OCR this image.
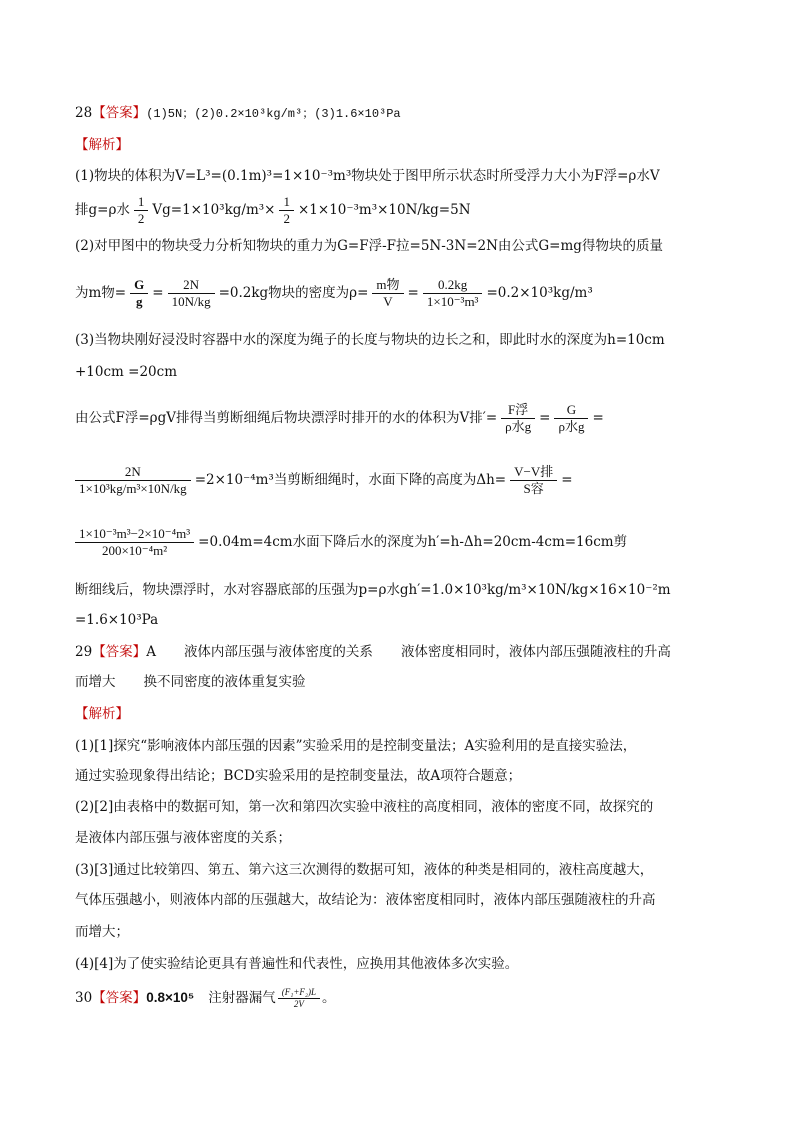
28【答案】(1)5N；(2)0.2×10³kg/m³；(3)1.6×10³Pa
【解析】
(1)物块的体积为V=L³=(0.1m)³=1×10⁻³m³物块处于图甲所示状态时所受浮力大小为F浮=ρ水V
排g=ρ水 $\frac{1}{2} Vg=1\times 10^3kg/m^3\times \frac{1}{2} \times 1\times 10^{-3}m^3\times 10N/kg=5N$
(2)对甲图中的物块受力分析知物块的重力为G=F浮-F拉=5N-3N=2N由公式G=mg得物块的质量
为m物= $\frac{G}{g} = \frac{2N}{10N/kg} =0.2kg$物块的密度为$\rho= \frac{\text{m物}}{V} = \frac{0.2kg}{\text{1×10⁻³m³}} =0.2\times 10^3kg/m^3$
(3)当物块刚好浸没时容器中水的深度为绳子的长度与物块的边长之和，即此时水的深度为h=10cm
+10cm =20cm
由公式F浮=ρgV排得当剪断细绳后物块漂浮时排开的水的体积为V排′= $\frac{\text{F浮}}{\text{ρ水g}} = \frac{G}{\text{ρ水g}}$ =
$\frac{2N}{\text{1×10³kg/m³×10N/kg}} =2\times 10^{-4}m^3$当剪断细绳时，水面下降的高度为$\Delta h= \frac{\text{V−V排}}{\text{S容}}$ =
$\frac{\text{1×10⁻³m³−2×10⁻⁴m³}}{\text{200×10⁻⁴m²}} =0.04m=4cm$水面下降后水的深度为h′=h-Δh=20cm-4cm=16cm剪
断细线后，物块漂浮时，水对容器底部的压强为p=ρ水gh′=1.0×10³kg/m³×10N/kg×16×10⁻²m
=1.6×10³Pa
29【答案】A 液体内部压强与液体密度的关系 液体密度相同时，液体内部压强随液柱的升高
而增大 换不同密度的液体重复实验
【解析】
(1)[1]探究“影响液体内部压强的因素”实验采用的是控制变量法；A实验利用的是直接实验法，
通过实验现象得出结论；BCD实验采用的是控制变量法，故A项符合题意；
(2)[2]由表格中的数据可知，第一次和第四次实验中液柱的高度相同，液体的密度不同，故探究的
是液体内部压强与液体密度的关系；
(3)[3]通过比较第四、第五、第六这三次测得的数据可知，液体的种类是相同的，液柱高度越大，
气体压强越小，则液体内部的压强越大，故结论为：液体密度相同时，液体内部压强随液柱的升高
而增大；
(4)[4]为了使实验结论更具有普遍性和代表性，应换用其他液体多次实验。
30【答案】0.8×10⁵ 注射器漏气 $\frac{\text{(F₁+F₂)L}}{2V}$ 。
